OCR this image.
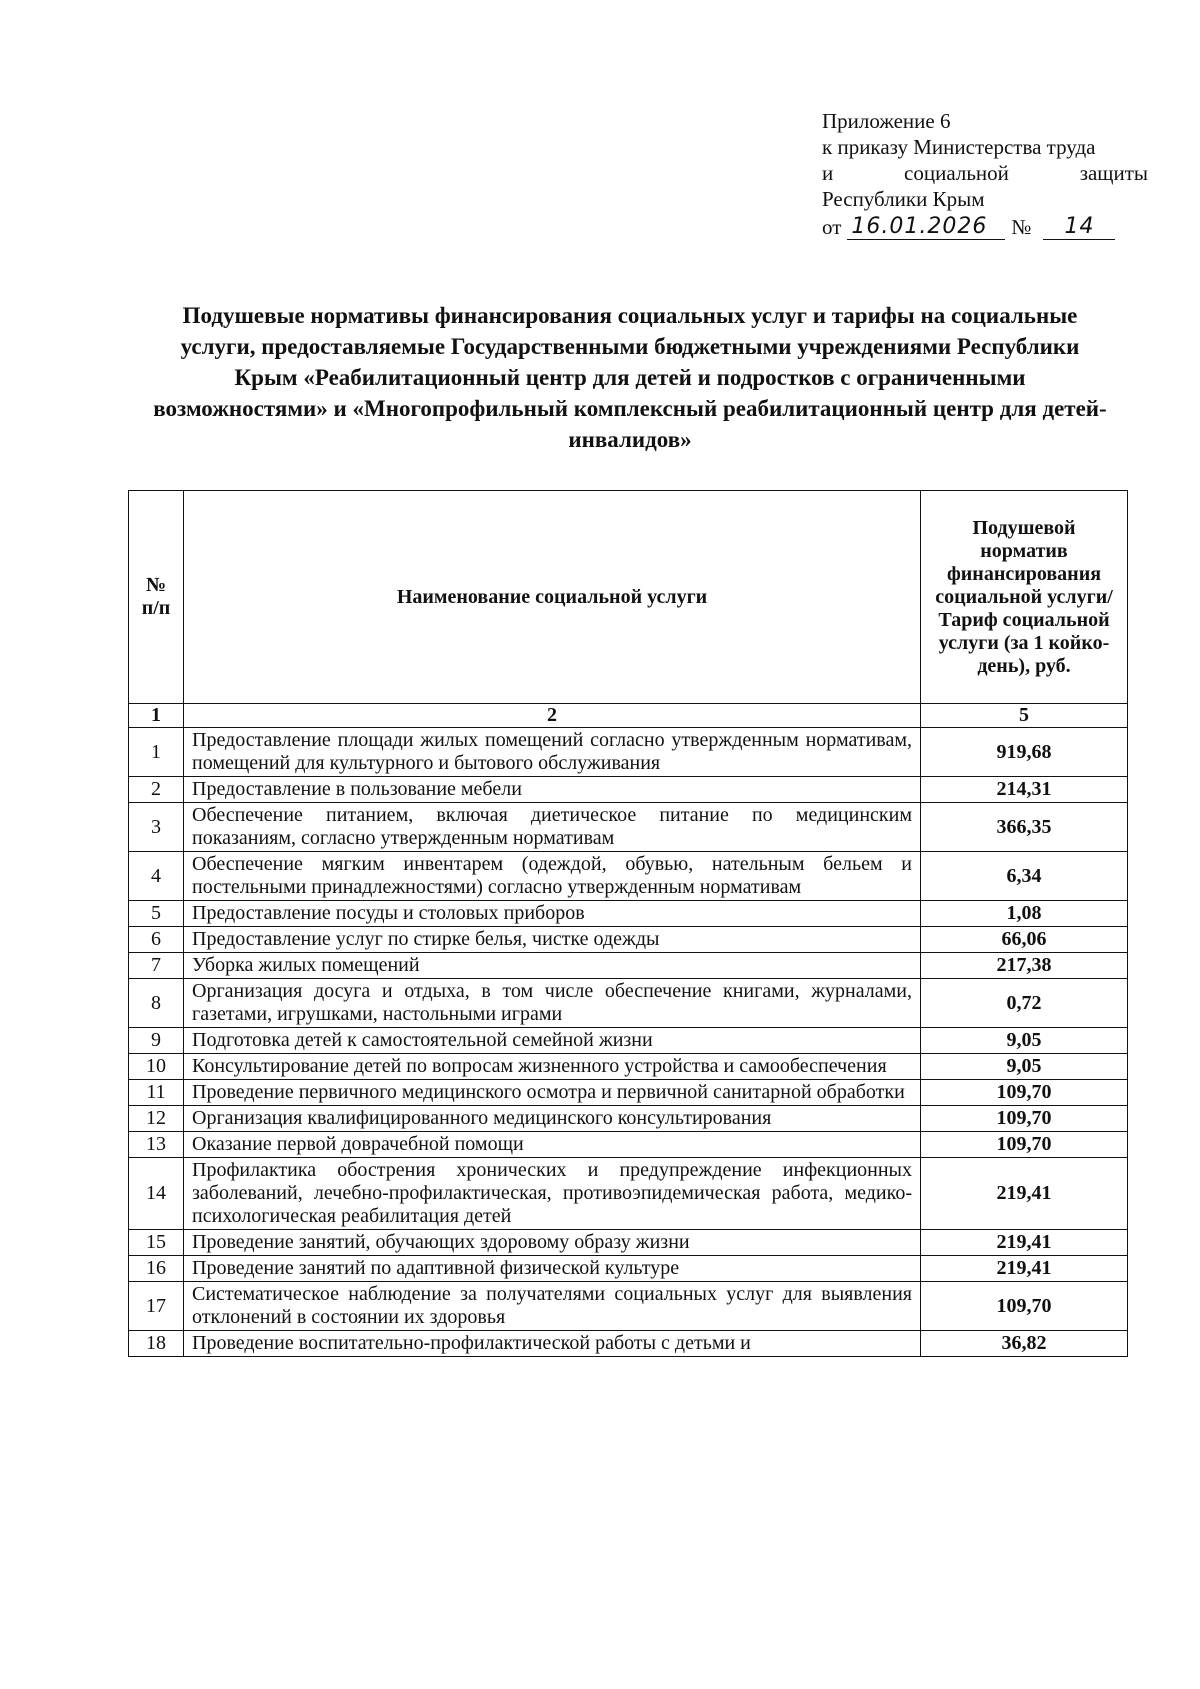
Приложение 6
к приказу Министерства труда
и	социальной	защиты
Республики Крым
от 16.01.2026	№	14
Подушевые нормативы финансирования социальных услуг и тарифы на социальные услуги, предоставляемые Государственными бюджетными учреждениями Республики Крым «Реабилитационный центр для детей и подростков с ограниченными возможностями» и «Многопрофильный комплексный реабилитационный центр для детей-инвалидов»
№ п/п	Наименование социальной услуги	Подушевой норматив финансирования социальной услуги/Тариф социальной услуги (за 1 койко-день), руб.
1	2	5
1	Предоставление площади жилых помещений согласно утвержденным нормативам, помещений для культурного и бытового обслуживания	919,68
2	Предоставление в пользование мебели	214,31
3	Обеспечение питанием, включая диетическое питание по медицинским показаниям, согласно утвержденным нормативам	366,35
4	Обеспечение мягким инвентарем (одеждой, обувью, нательным бельем и постельными принадлежностями) согласно утвержденным нормативам	6,34
5	Предоставление посуды и столовых приборов	1,08
6	Предоставление услуг по стирке белья, чистке одежды	66,06
7	Уборка жилых помещений	217,38
8	Организация досуга и отдыха, в том числе обеспечение книгами, журналами, газетами, игрушками, настольными играми	0,72
9	Подготовка детей к самостоятельной семейной жизни	9,05
10	Консультирование детей по вопросам жизненного устройства и самообеспечения	9,05
11	Проведение первичного медицинского осмотра и первичной санитарной обработки	109,70
12	Организация квалифицированного медицинского консультирования	109,70
13	Оказание первой доврачебной помощи	109,70
14	Профилактика обострения хронических и предупреждение инфекционных заболеваний, лечебно-профилактическая, противоэпидемическая работа, медико-психологическая реабилитация детей	219,41
15	Проведение занятий, обучающих здоровому образу жизни	219,41
16	Проведение занятий по адаптивной физической культуре	219,41
17	Систематическое наблюдение за получателями социальных услуг для выявления отклонений в состоянии их здоровья	109,70
18	Проведение воспитательно-профилактической работы с детьми и	36,82
